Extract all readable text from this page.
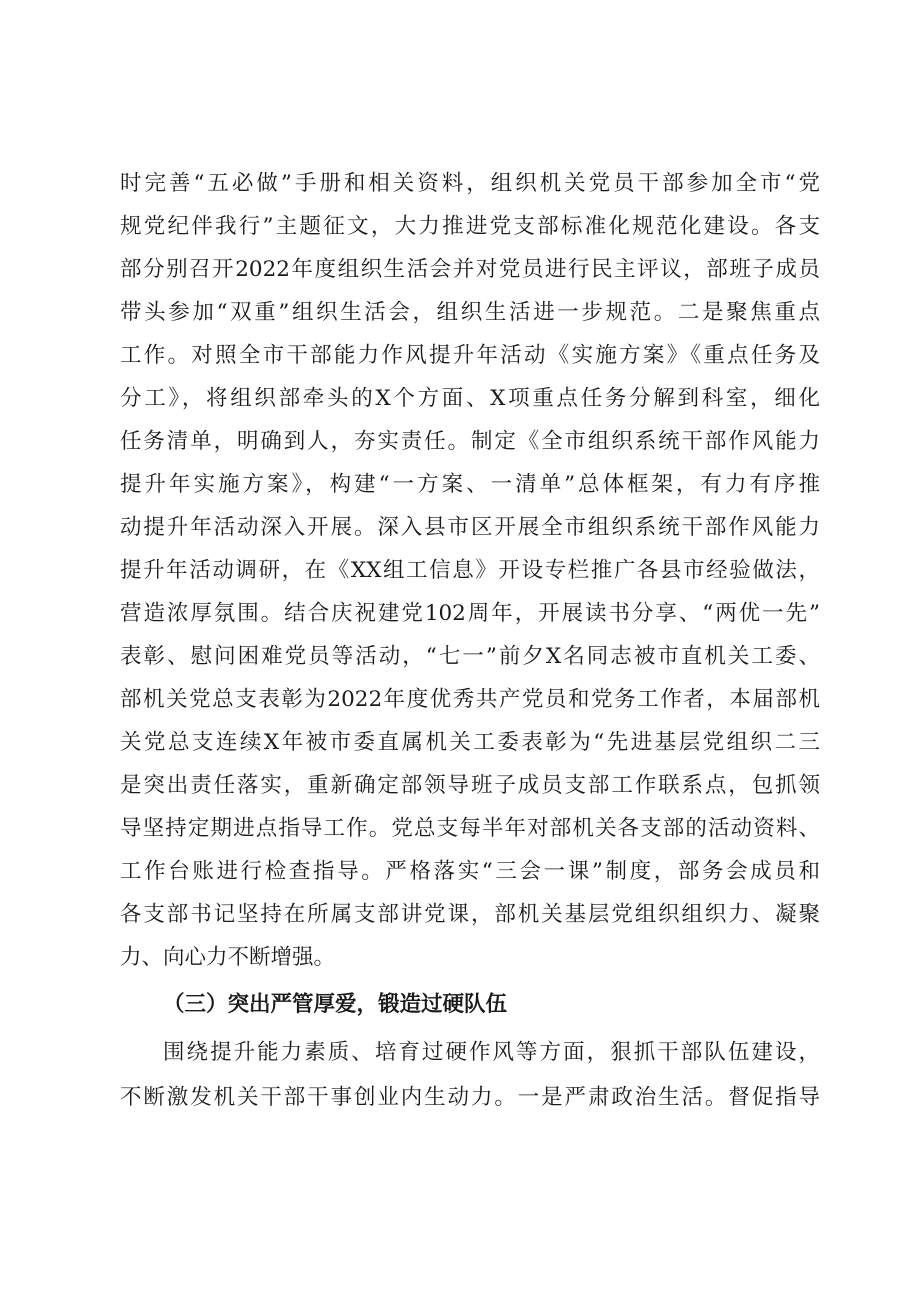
时完善“五必做”手册和相关资料，组织机关党员干部参加全市“党
规党纪伴我行”主题征文，大力推进党支部标准化规范化建设。各支
部分别召开2022年度组织生活会并对党员进行民主评议，部班子成员
带头参加“双重”组织生活会，组织生活进一步规范。二是聚焦重点
工作。对照全市干部能力作风提升年活动《实施方案》《重点任务及
分工》，将组织部牵头的X个方面、X项重点任务分解到科室，细化
任务清单，明确到人，夯实责任。制定《全市组织系统干部作风能力
提升年实施方案》，构建“一方案、一清单”总体框架，有力有序推
动提升年活动深入开展。深入县市区开展全市组织系统干部作风能力
提升年活动调研，在《XX组工信息》开设专栏推广各县市经验做法，
营造浓厚氛围。结合庆祝建党102周年，开展读书分享、“两优一先”
表彰、慰问困难党员等活动，“七一”前夕X名同志被市直机关工委、
部机关党总支表彰为2022年度优秀共产党员和党务工作者，本届部机
关党总支连续X年被市委直属机关工委表彰为“先进基层党组织二三
是突出责任落实，重新确定部领导班子成员支部工作联系点，包抓领
导坚持定期进点指导工作。党总支每半年对部机关各支部的活动资料、
工作台账进行检查指导。严格落实“三会一课”制度，部务会成员和
各支部书记坚持在所属支部讲党课，部机关基层党组织组织力、凝聚
力、向心力不断增强。
（三）突出严管厚爱，锻造过硬队伍
围绕提升能力素质、培育过硬作风等方面，狠抓干部队伍建设，
不断激发机关干部干事创业内生动力。一是严肃政治生活。督促指导
